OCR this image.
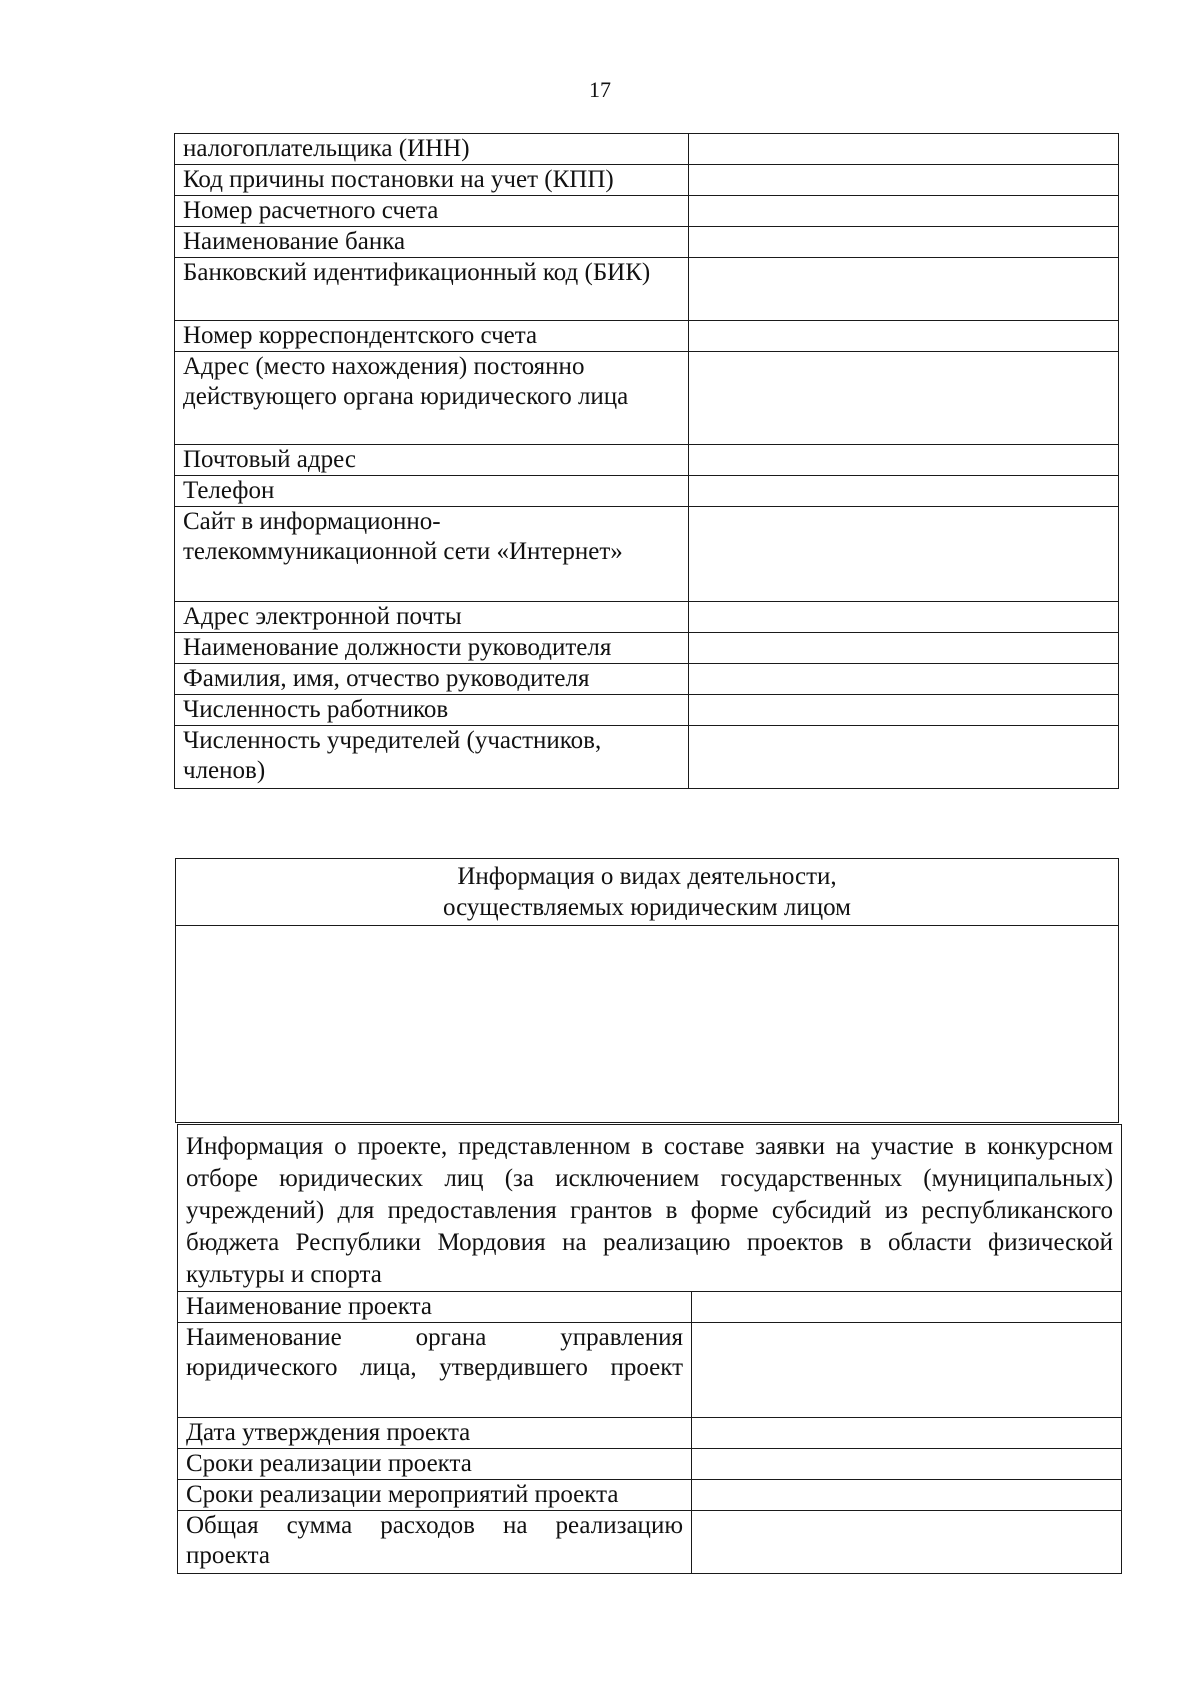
17
налогоплательщика (ИНН)	
Код причины постановки на учет (КПП)	
Номер расчетного счета	
Наименование банка	
Банковский идентификационный код (БИК)	
Номер корреспондентского счета	
Адрес (место нахождения) постоянно действующего органа юридического лица	
Почтовый адрес	
Телефон	
Сайт в информационно-телекоммуникационной сети «Интернет»	
Адрес электронной почты	
Наименование должности руководителя	
Фамилия, имя, отчество руководителя	
Численность работников	
Численность учредителей (участников, членов)	
Информация о видах деятельности,
осуществляемых юридическим лицом

Информация о проекте, представленном в составе заявки на участие в конкурсном отборе юридических лиц (за исключением государственных (муниципальных) учреждений) для предоставления грантов в форме субсидий из республиканского бюджета Республики Мордовия на реализацию проектов в области физической культуры и спорта	
Наименование проекта	
Наименование органа управления юридического лица, утвердившего проект	
Дата утверждения проекта	
Сроки реализации проекта	
Сроки реализации мероприятий проекта	
Общая сумма расходов на реализацию проекта	
